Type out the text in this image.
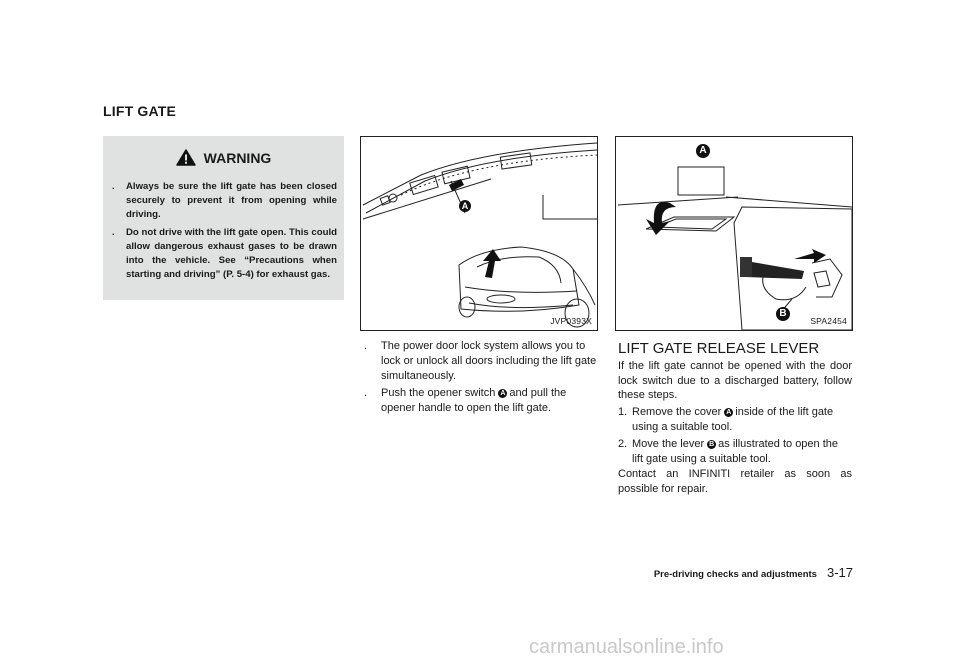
LIFT GATE
WARNING
. Always be sure the lift gate has been closed securely to prevent it from opening while driving.
. Do not drive with the lift gate open. This could allow dangerous exhaust gases to be drawn into the vehicle. See “Precautions when starting and driving” (P. 5-4) for exhaust gas.
A
JVP0393X
A
B
SPA2454
. The power door lock system allows you to lock or unlock all doors including the lift gate simultaneously.
. Push the opener switch A and pull the opener handle to open the lift gate.
LIFT GATE RELEASE LEVER

If the lift gate cannot be opened with the door lock switch due to a discharged battery, follow these steps.

1. Remove the cover A inside of the lift gate using a suitable tool.
2. Move the lever B as illustrated to open the lift gate using a suitable tool.

Contact an INFINITI retailer as soon as possible for repair.

Pre-driving checks and adjustments 3-17
carmanualsonline.info
